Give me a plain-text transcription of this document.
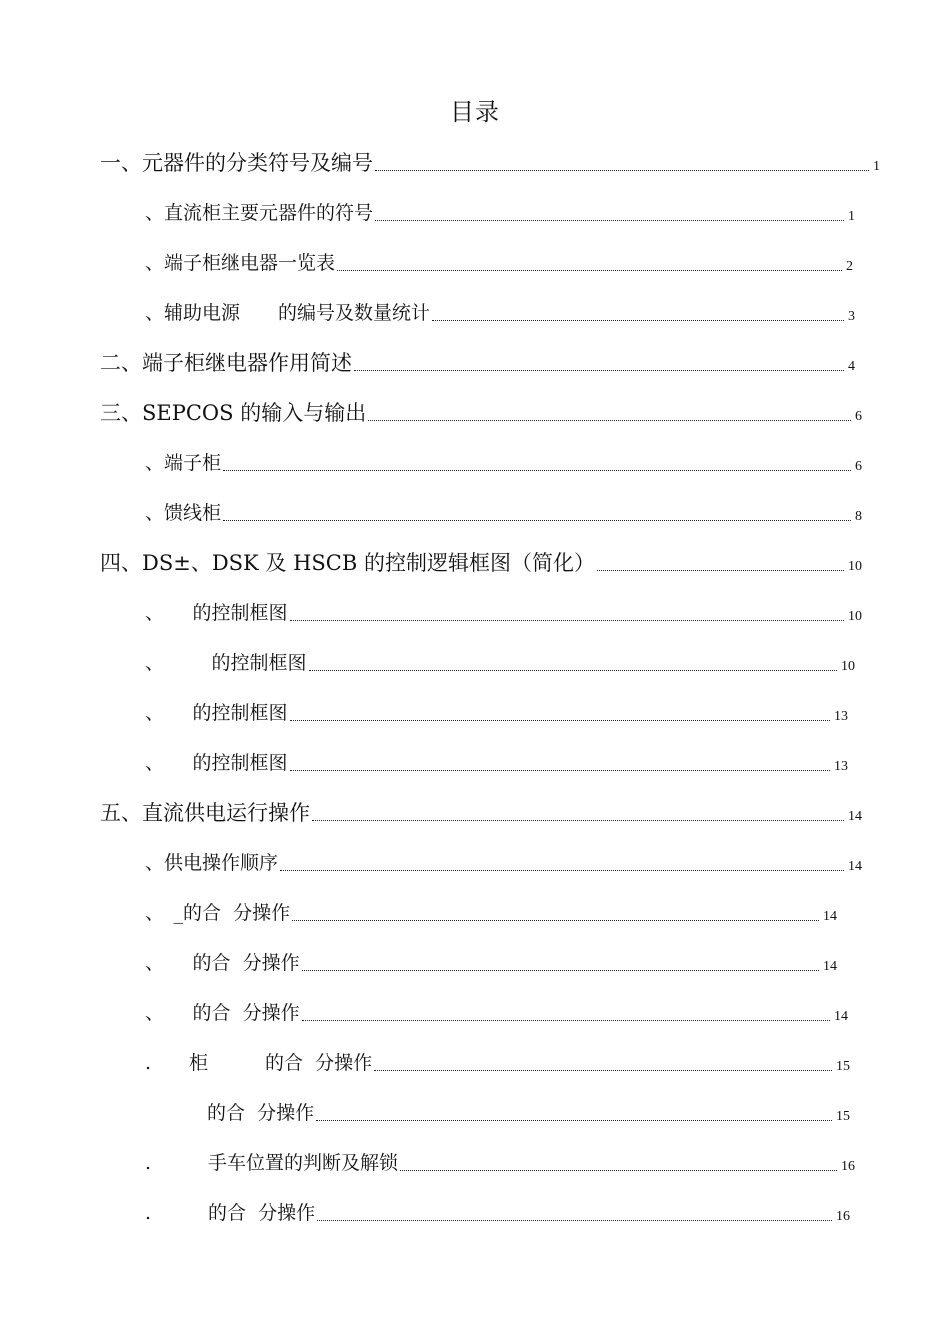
目录
一、元器件的分类符号及编号	1
、直流柜主要元器件的符号	1
、端子柜继电器一览表	2
、辅助电源　　的编号及数量统计	3
二、端子柜继电器作用简述	4
三、SEPCOS 的输入与输出	6
、端子柜	6
、馈线柜	8
四、DS±、DSK 及 HSCB 的控制逻辑框图（简化）	10
、　　的控制框图	10
、　　　的控制框图	10
、　　的控制框图	13
、　　的控制框图	13
五、直流供电运行操作	14
、供电操作顺序	14
、　_的合  分操作	14
、　　的合  分操作	14
、　　的合  分操作	14
.　　柜　　　的合  分操作	15
的合  分操作	15
.　　　手车位置的判断及解锁	16
.　　　的合  分操作	16
